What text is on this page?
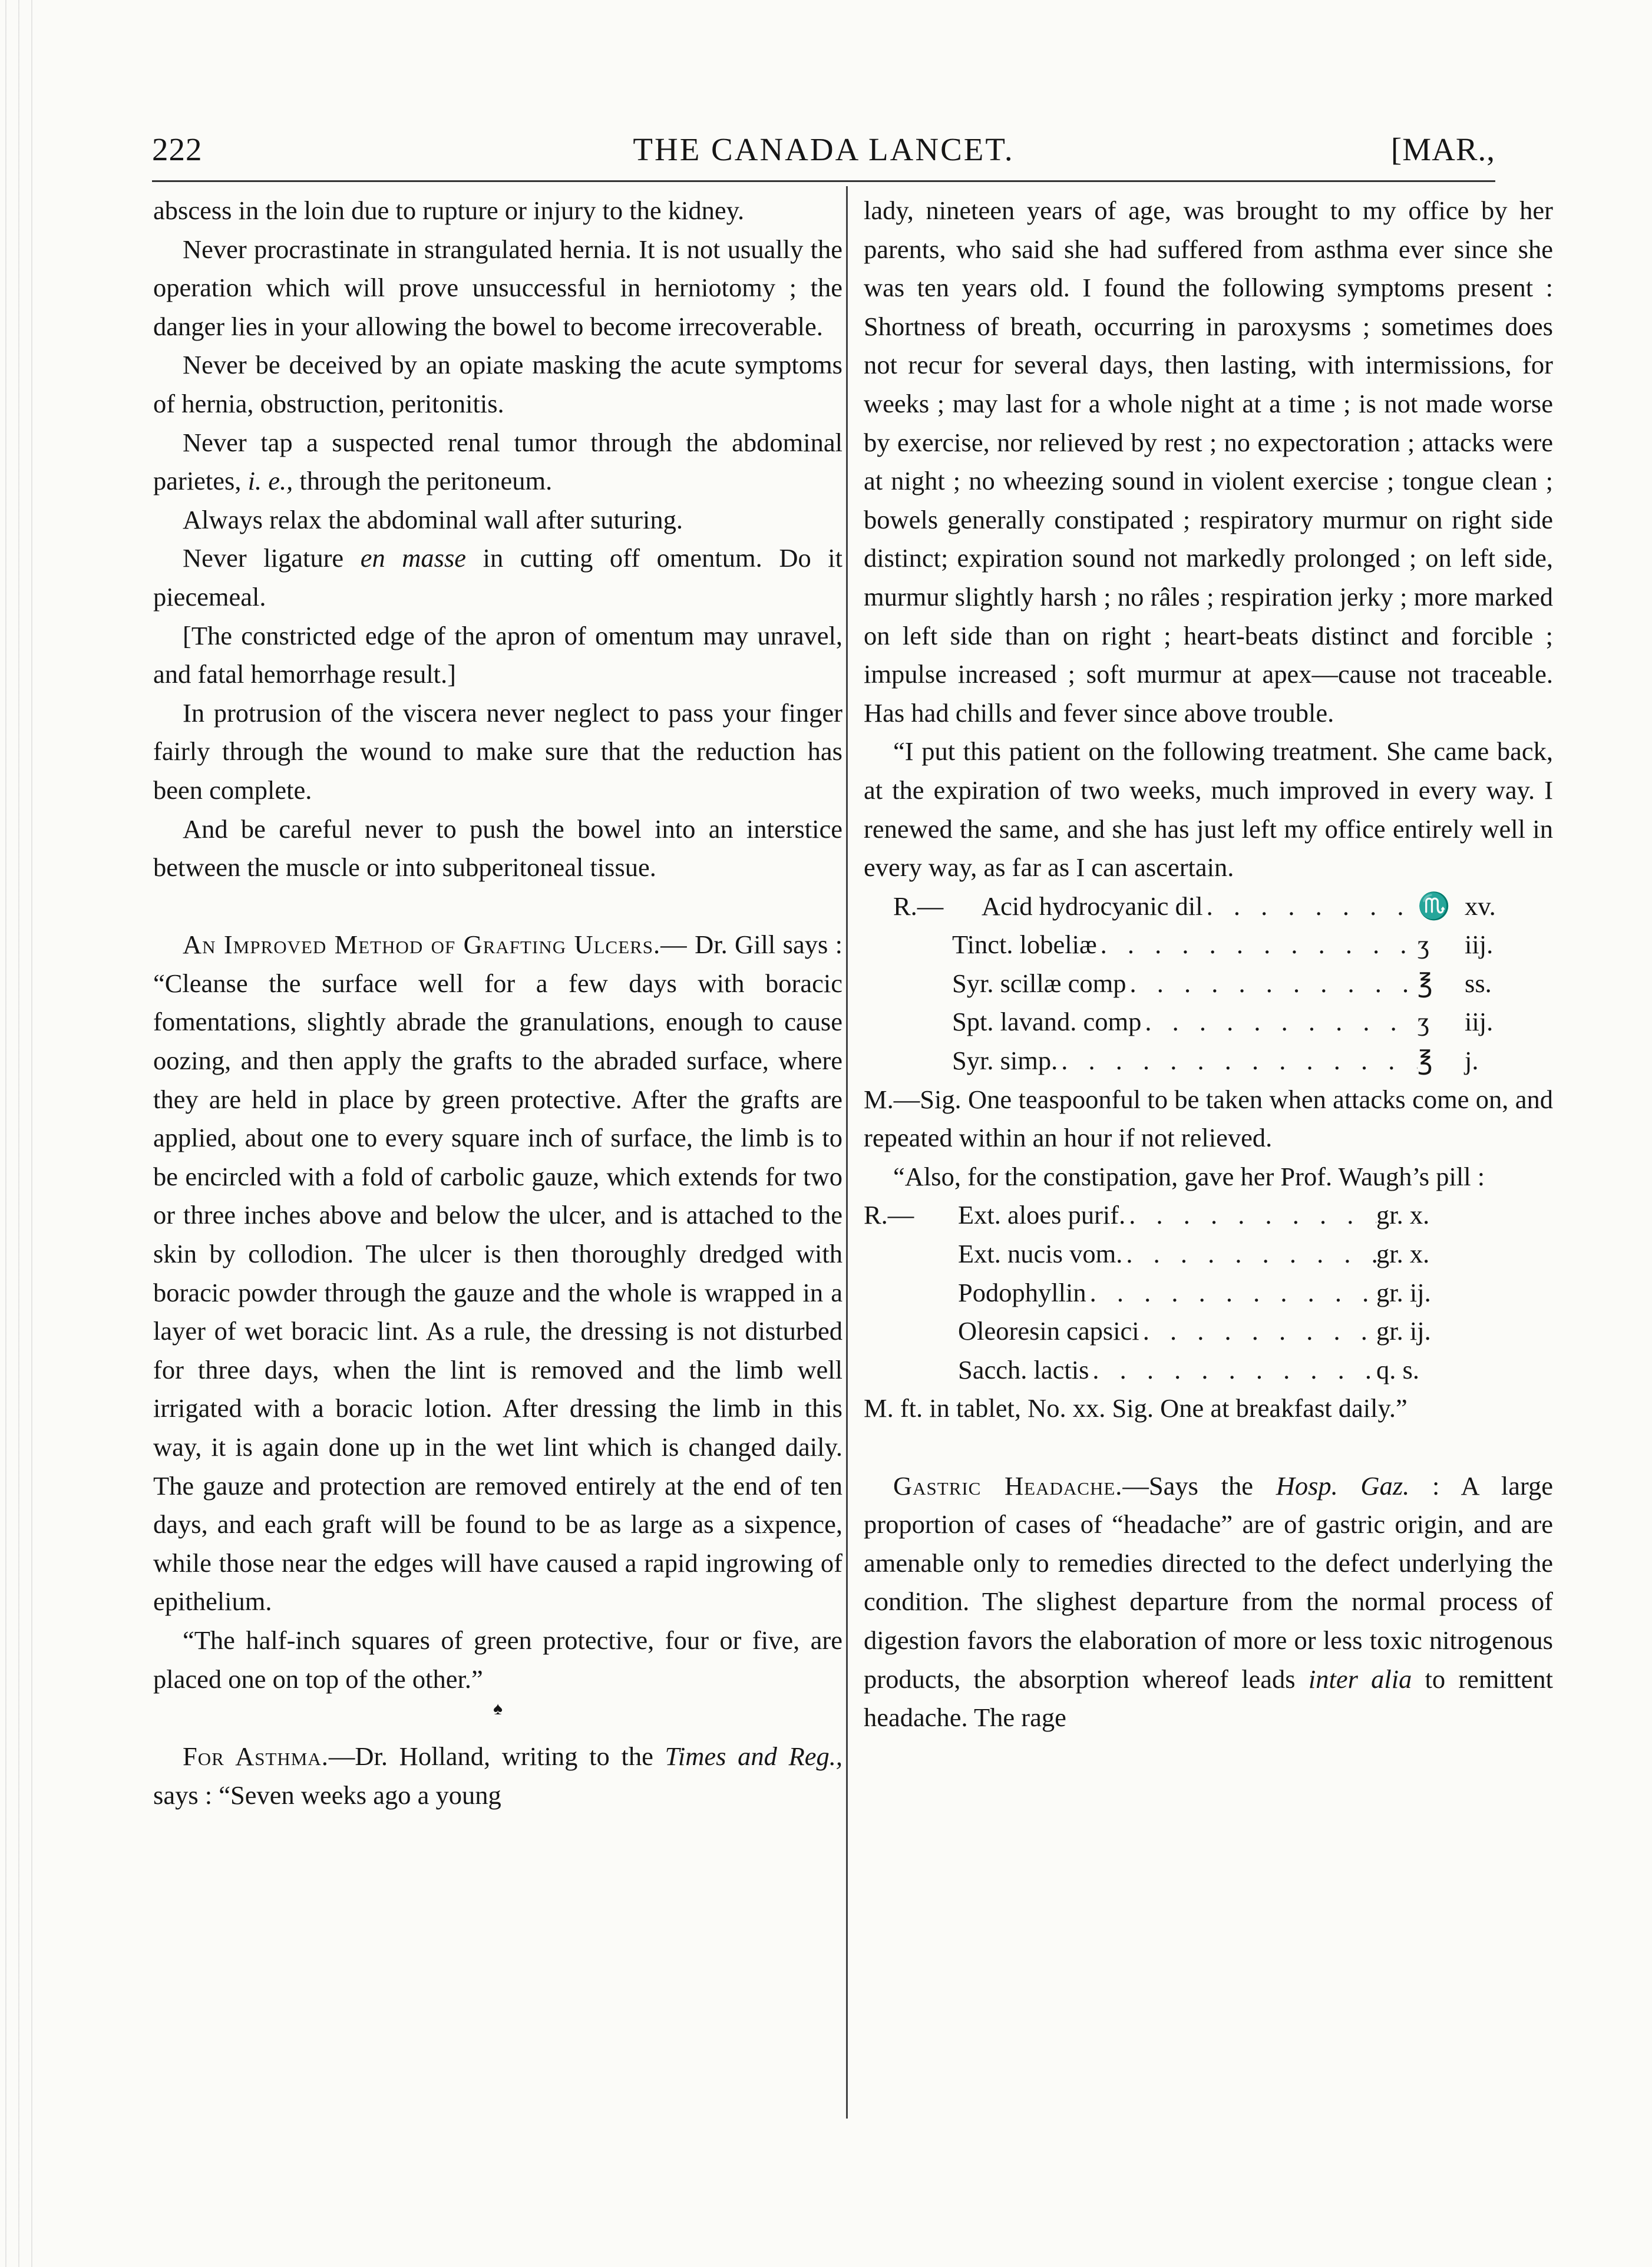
222	THE CANADA LANCET.	[MAR.,

abscess in the loin due to rupture or injury to the kidney.

Never procrastinate in strangulated hernia. It is not usually the operation which will prove unsuccessful in herniotomy ; the danger lies in your allowing the bowel to become irrecoverable.

Never be deceived by an opiate masking the acute symptoms of hernia, obstruction, peritonitis.

Never tap a suspected renal tumor through the abdominal parietes, i. e., through the peritoneum.

Always relax the abdominal wall after suturing.

Never ligature en masse in cutting off omentum. Do it piecemeal.

[The constricted edge of the apron of omentum may unravel, and fatal hemorrhage result.]

In protrusion of the viscera never neglect to pass your finger fairly through the wound to make sure that the reduction has been complete.

And be careful never to push the bowel into an interstice between the muscle or into subperitoneal tissue.

An Improved Method of Grafting Ulcers.— Dr. Gill says : “Cleanse the surface well for a few days with boracic fomentations, slightly abrade the granulations, enough to cause oozing, and then apply the grafts to the abraded surface, where they are held in place by green protective. After the grafts are applied, about one to every square inch of surface, the limb is to be encircled with a fold of carbolic gauze, which extends for two or three inches above and below the ulcer, and is attached to the skin by collodion. The ulcer is then thoroughly dredged with boracic powder through the gauze and the whole is wrapped in a layer of wet boracic lint. As a rule, the dressing is not disturbed for three days, when the lint is removed and the limb well irrigated with a boracic lotion. After dressing the limb in this way, it is again done up in the wet lint which is changed daily. The gauze and protection are removed entirely at the end of ten days, and each graft will be found to be as large as a sixpence, while those near the edges will have caused a rapid ingrowing of epithelium.

“The half-inch squares of green protective, four or five, are placed one on top of the other.”

♠

For Asthma.—Dr. Holland, writing to the Times and Reg., says : “Seven weeks ago a young

lady, nineteen years of age, was brought to my office by her parents, who said she had suffered from asthma ever since she was ten years old. I found the following symptoms present : Shortness of breath, occurring in paroxysms ; sometimes does not recur for several days, then lasting, with intermissions, for weeks ; may last for a whole night at a time ; is not made worse by exercise, nor relieved by rest ; no expectoration ; attacks were at night ; no wheezing sound in violent exercise ; tongue clean ; bowels generally constipated ; respiratory murmur on right side distinct; expiration sound not markedly prolonged ; on left side, murmur slightly harsh ; no râles ; respiration jerky ; more marked on left side than on right ; heart-beats distinct and forcible ; impulse increased ; soft murmur at apex—cause not traceable. Has had chills and fever since above trouble.

“I put this patient on the following treatment. She came back, at the expiration of two weeks, much improved in every way. I renewed the same, and she has just left my office entirely well in every way, as far as I can ascertain.

R.—	Acid hydrocyanic dil . . .	♏ xv.
Tinct. lobeliæ . . .	ʒ	iij.
Syr. scillæ comp . . .	℥	ss.
Spt. lavand. comp . . .	ʒ	iij.
Syr. simp. . . .	℥	j.

M.—Sig. One teaspoonful to be taken when attacks come on, and repeated within an hour if not relieved.

“Also, for the constipation, gave her Prof. Waugh’s pill :

R.—	Ext. aloes purif. . . .	gr. x.
Ext. nucis vom. . . .	gr. x.
Podophyllin . . .	gr. ij.
Oleoresin capsici . . .	gr. ij.
Sacch. lactis . . .	q. s.

M. ft. in tablet, No. xx. Sig. One at breakfast daily.”

Gastric Headache.—Says the Hosp. Gaz. : A large proportion of cases of “headache” are of gastric origin, and are amenable only to remedies directed to the defect underlying the condition. The slighest departure from the normal process of digestion favors the elaboration of more or less toxic nitrogenous products, the absorption whereof leads inter alia to remittent headache. The rage
